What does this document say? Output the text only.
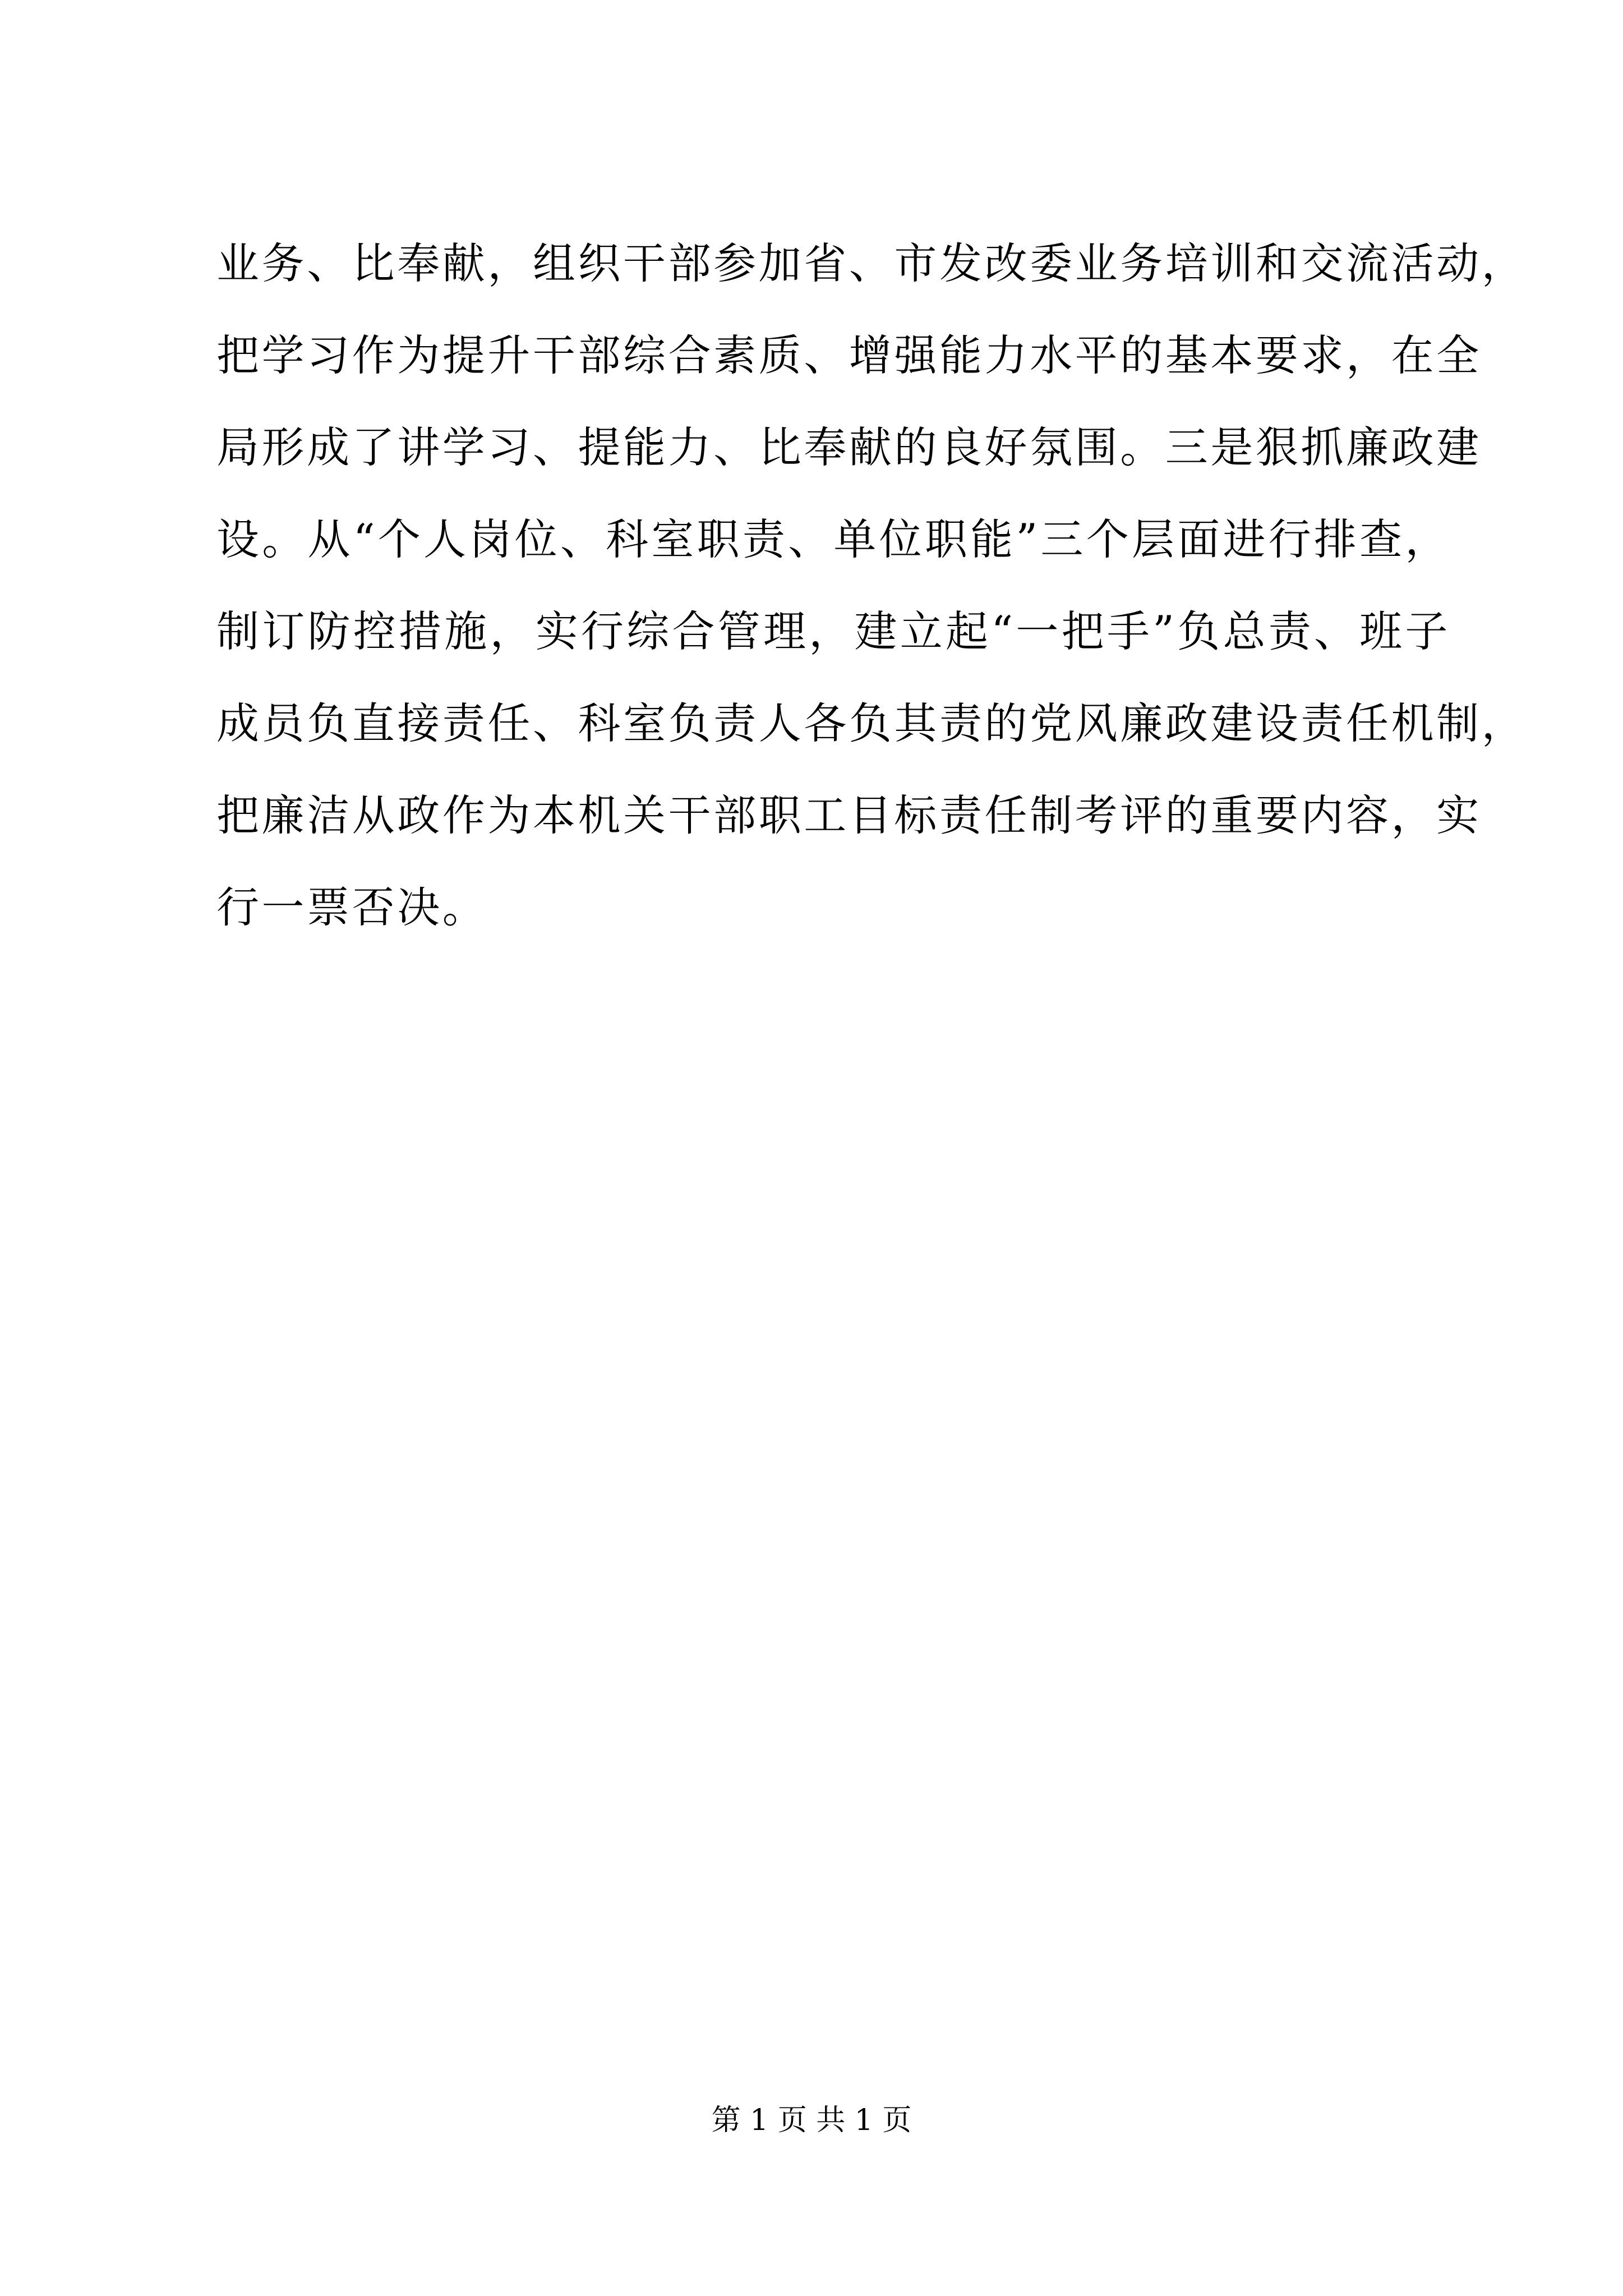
业务、比奉献，组织干部参加省、市发改委业务培训和交流活动，
把学习作为提升干部综合素质、增强能力水平的基本要求，在全
局形成了讲学习、提能力、比奉献的良好氛围。三是狠抓廉政建
设。从“个人岗位、科室职责、单位职能”三个层面进行排查，
制订防控措施，实行综合管理，建立起“一把手”负总责、班子
成员负直接责任、科室负责人各负其责的党风廉政建设责任机制，
把廉洁从政作为本机关干部职工目标责任制考评的重要内容，实
行一票否决。
第 1 页 共 1 页
